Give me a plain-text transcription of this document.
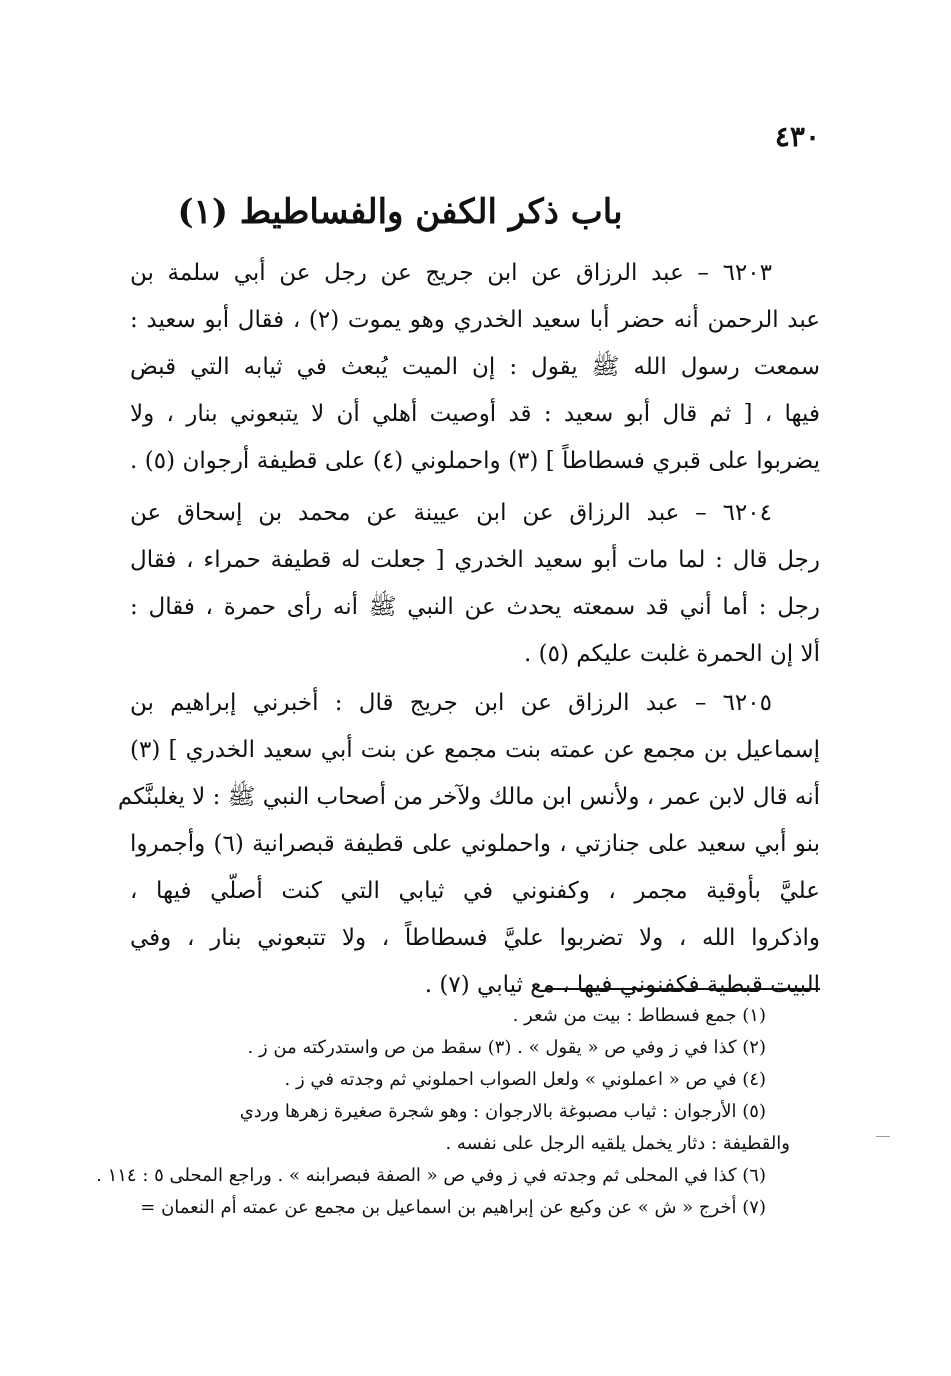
٤٣٠
باب ذكر الكفن والفساطيط (١)
٦٢٠٣ – عبد الرزاق عن ابن جريج عن رجل عن أبي سلمة بن
عبد الرحمن أنه حضر أبا سعيد الخدري وهو يموت (٢) ، فقال أبو سعيد :
سمعت رسول الله ﷺ يقول : إن الميت يُبعث في ثيابه التي قبض
فيها ، [ ثم قال أبو سعيد : قد أوصيت أهلي أن لا يتبعوني بنار ، ولا
يضربوا على قبري فسطاطاً ] (٣) واحملوني (٤) على قطيفة أرجوان (٥) .
٦٢٠٤ – عبد الرزاق عن ابن عيينة عن محمد بن إسحاق عن
رجل قال : لما مات أبو سعيد الخدري [ جعلت له قطيفة حمراء ، فقال
رجل : أما أني قد سمعته يحدث عن النبي ﷺ أنه رأى حمرة ، فقال :
ألا إن الحمرة غلبت عليكم (٥) .
٦٢٠٥ – عبد الرزاق عن ابن جريج قال : أخبرني إبراهيم بن
إسماعيل بن مجمع عن عمته بنت مجمع عن بنت أبي سعيد الخدري ] (٣)
أنه قال لابن عمر ، ولأنس ابن مالك ولآخر من أصحاب النبي ﷺ : لا يغلبنَّكم
بنو أبي سعيد على جنازتي ، واحملوني على قطيفة قبصرانية (٦) وأجمروا
عليَّ بأوقية مجمر ، وكفنوني في ثيابي التي كنت أصلّي فيها ،
واذكروا الله ، ولا تضربوا عليَّ فسطاطاً ، ولا تتبعوني بنار ، وفي
البيت قبطية فكفنوني فيها ، مع ثيابي (٧) .
(١) جمع فسطاط : بيت من شعر .
(٢) كذا في ز وفي ص « يقول » . (٣) سقط من ص واستدركته من ز .
(٤) في ص « اعملوني » ولعل الصواب احملوني ثم وجدته في ز .
(٥) الأرجوان : ثياب مصبوغة بالارجوان : وهو شجرة صغيرة زهرها وردي
والقطيفة : دثار يخمل يلقيه الرجل على نفسه .
(٦) كذا في المحلى ثم وجدته في ز وفي ص « الصفة فبصرابنه » . وراجع المحلى ٥ : ١١٤ .
(٧) أخرج « ش » عن وكيع عن إبراهيم بن اسماعيل بن مجمع عن عمته أم النعمان =
